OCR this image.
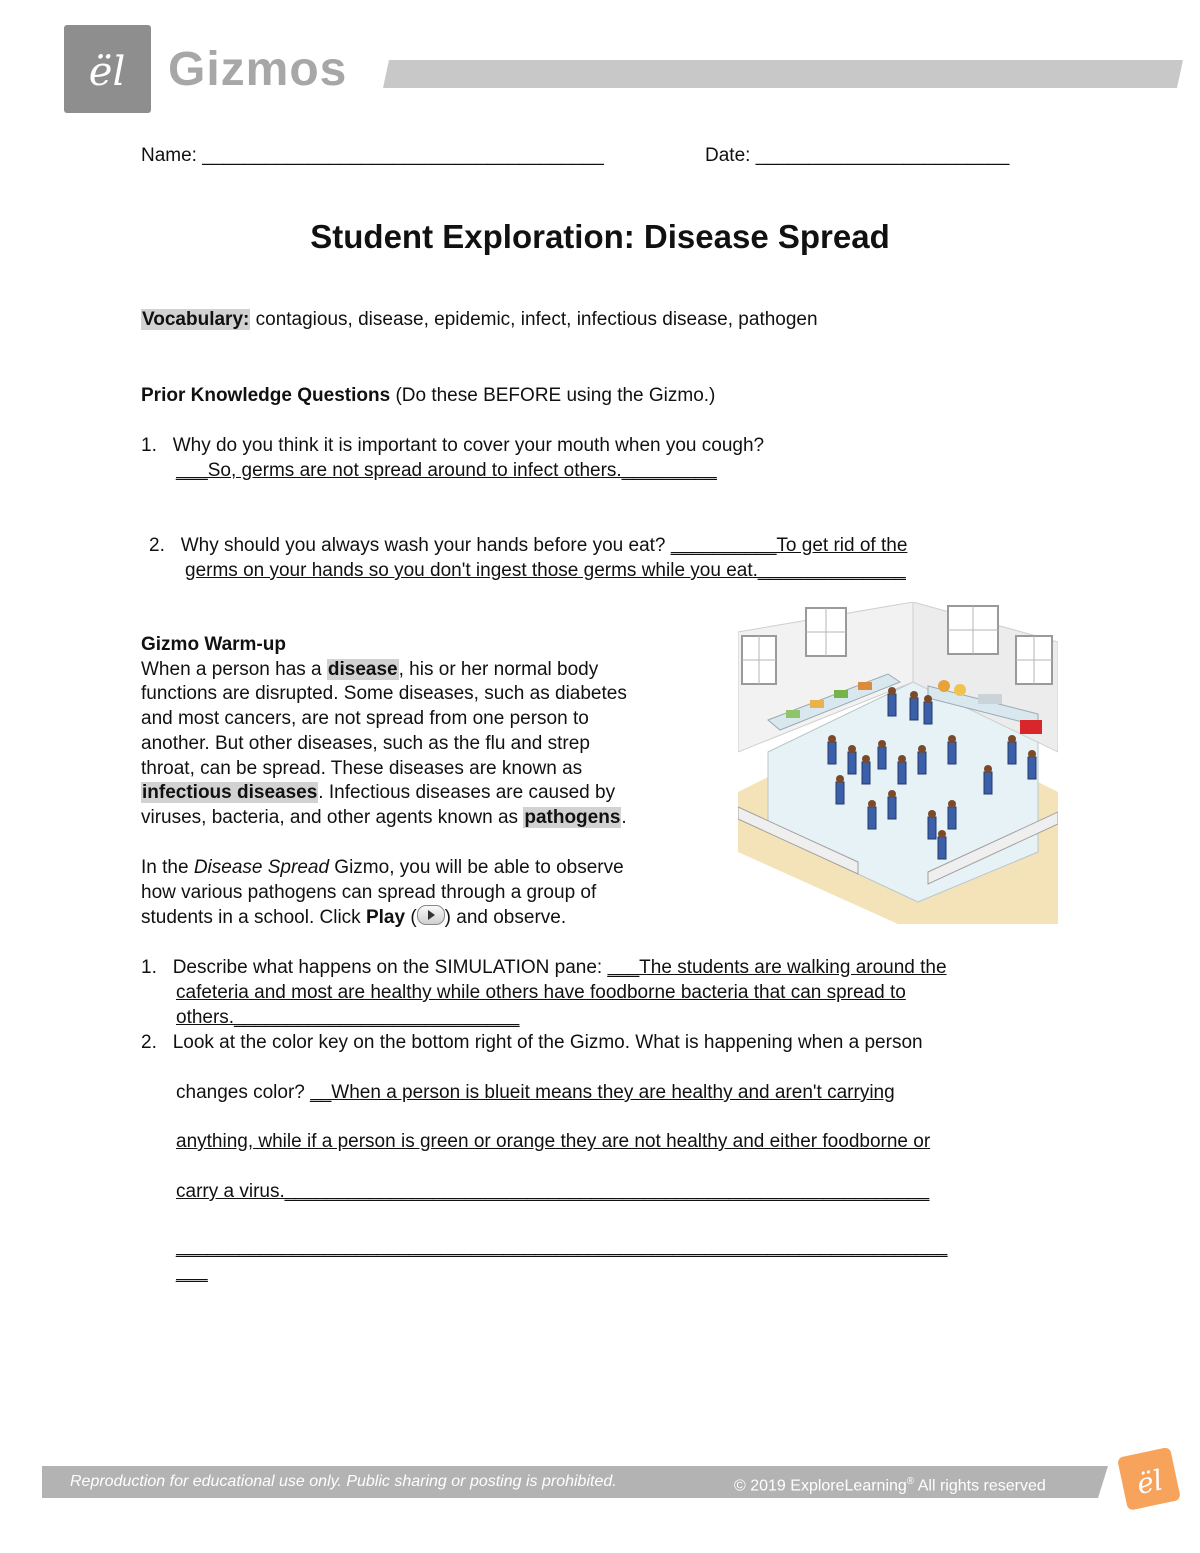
ël Gizmos
Name: ______________________________________	Date: ________________________
Student Exploration: Disease Spread
Vocabulary: contagious, disease, epidemic, infect, infectious disease, pathogen
Prior Knowledge Questions (Do these BEFORE using the Gizmo.)
1. Why do you think it is important to cover your mouth when you cough?
___So, germs are not spread around to infect others._________
2. Why should you always wash your hands before you eat? __________To get rid of the
germs on your hands so you don't ingest those germs while you eat.______________
Gizmo Warm-up
When a person has a disease, his or her normal body
functions are disrupted. Some diseases, such as diabetes
and most cancers, are not spread from one person to
another. But other diseases, such as the flu and strep
throat, can be spread. These diseases are known as
infectious diseases. Infectious diseases are caused by
viruses, bacteria, and other agents known as pathogens.
In the Disease Spread Gizmo, you will be able to observe
how various pathogens can spread through a group of
students in a school. Click Play ( ) and observe.
1. Describe what happens on the SIMULATION pane: ___The students are walking around the
cafeteria and most are healthy while others have foodborne bacteria that can spread to
others.___________________________
2. Look at the color key on the bottom right of the Gizmo. What is happening when a person
changes color? __When a person is blueit means they are healthy and aren't carrying
anything, while if a person is green or orange they are not healthy and either foodborne or
carry a virus._____________________________________________________________
_________________________________________________________________________
___
Reproduction for educational use only. Public sharing or posting is prohibited.	© 2019 ExploreLearning® All rights reserved	ël
